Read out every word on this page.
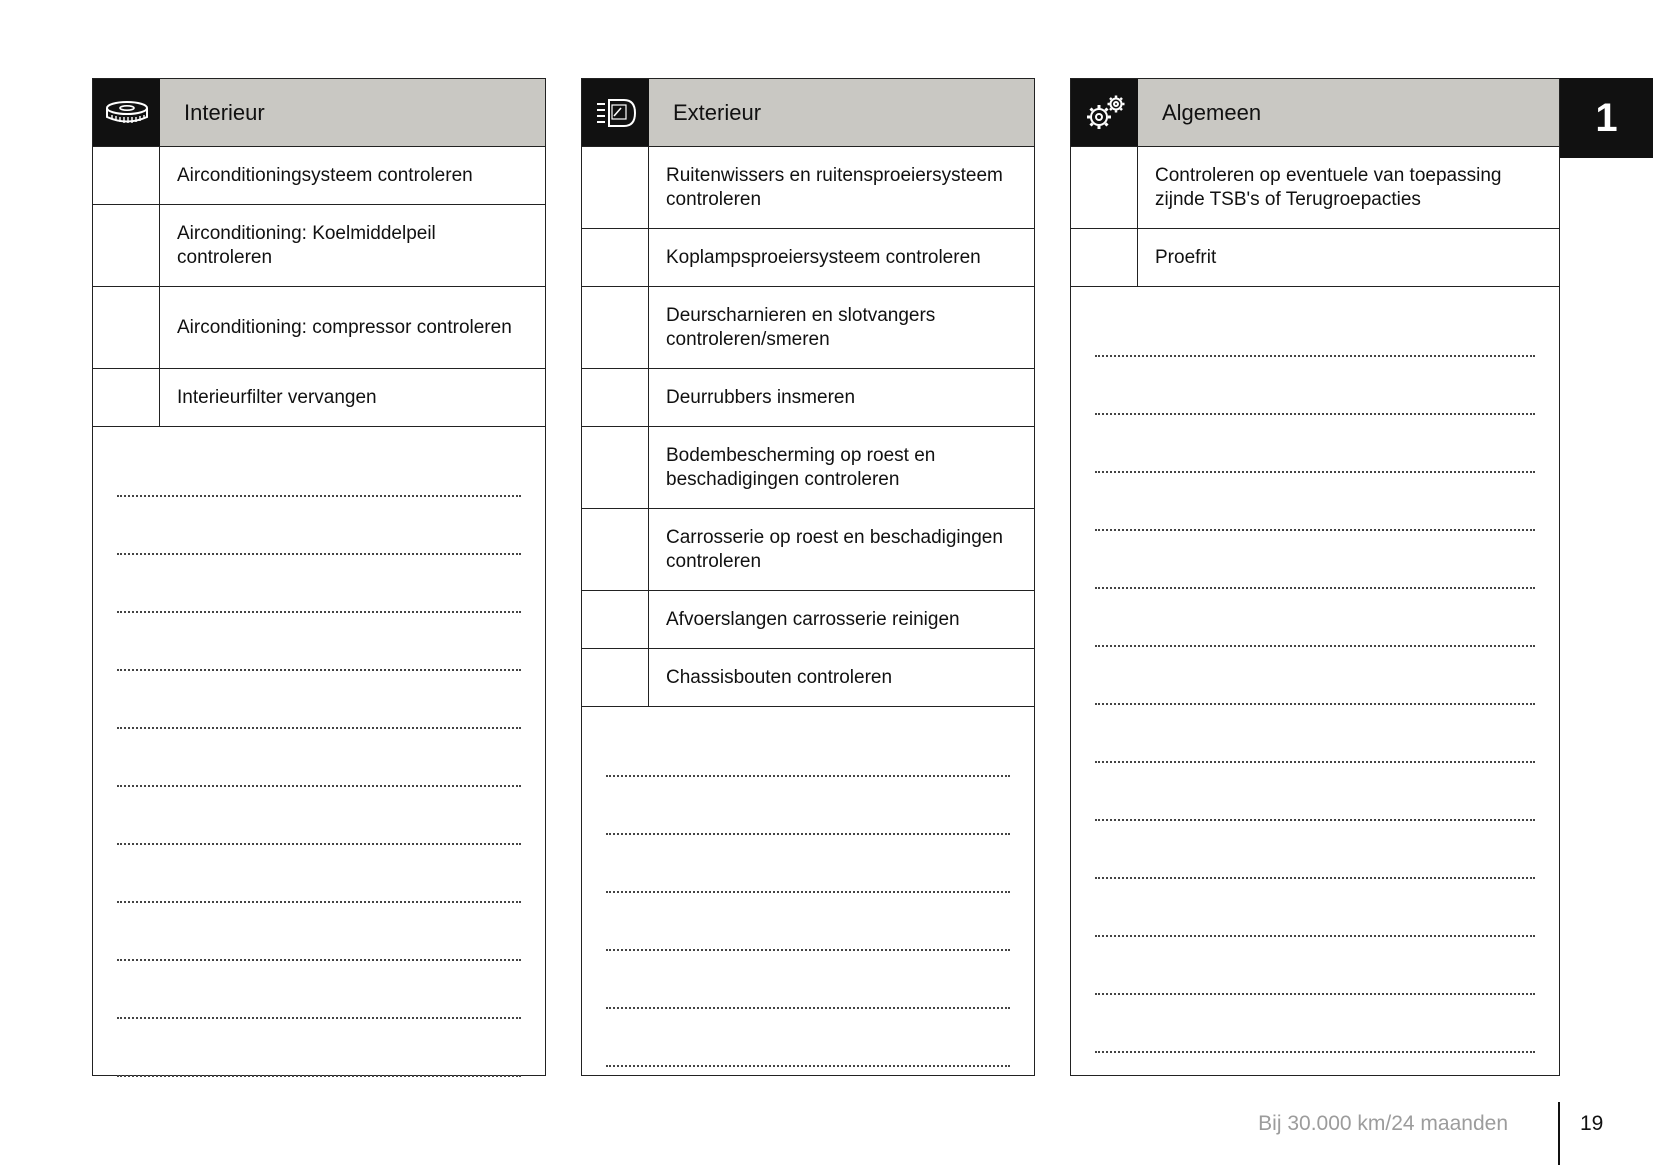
Interieur
Airconditioningsysteem controleren
Airconditioning: Koelmiddelpeil controleren
Airconditioning: compressor controleren
Interieurfilter vervangen
Exterieur
Ruitenwissers en ruitensproeiersysteem controleren
Koplampsproeiersysteem controleren
Deurscharnieren en slotvangers controleren/smeren
Deurrubbers insmeren
Bodembescherming op roest en beschadigingen controleren
Carrosserie op roest en beschadigingen controleren
Afvoerslangen carrosserie reinigen
Chassisbouten controleren
Algemeen
Controleren op eventuele van toepassing zijnde TSB's of Terugroepacties
Proefrit
1
Bij 30.000 km/24 maanden	19
